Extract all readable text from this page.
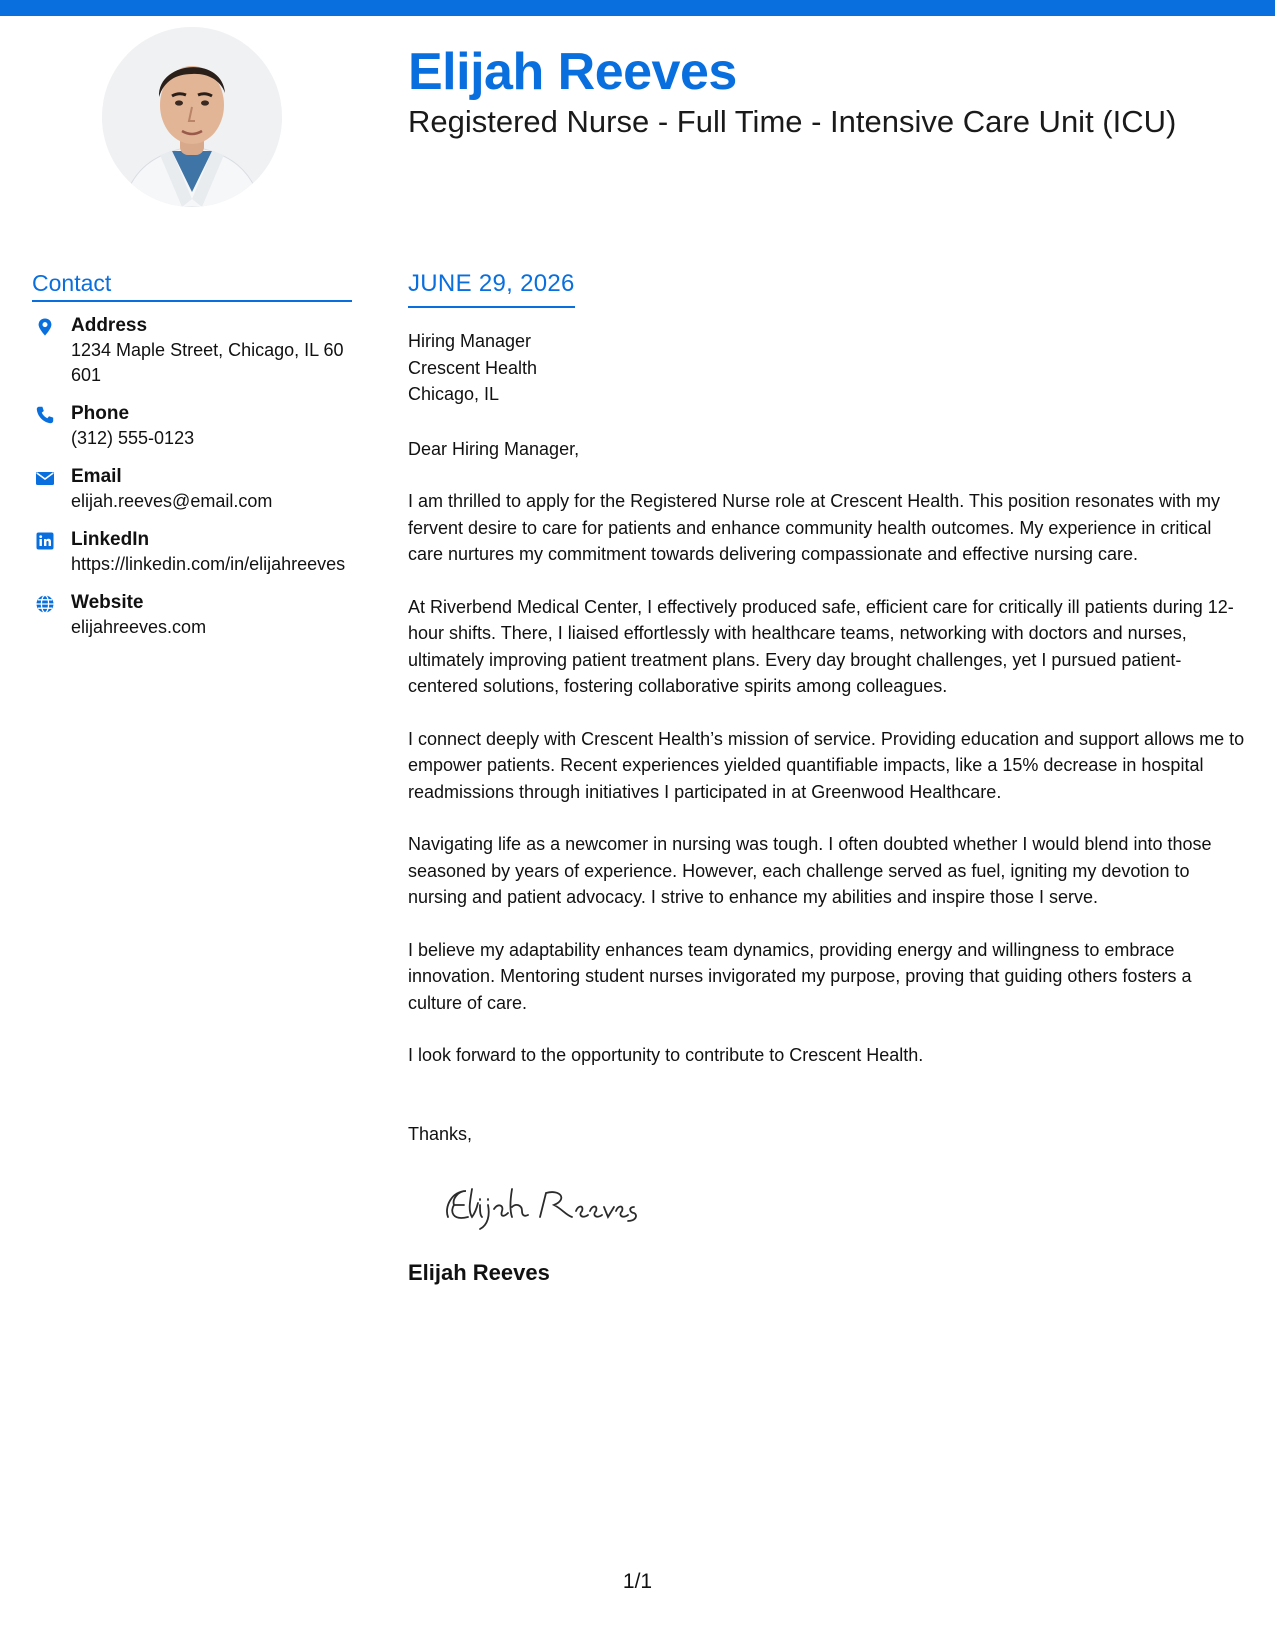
Elijah Reeves
Registered Nurse - Full Time - Intensive Care Unit (ICU)
Contact
Address
1234 Maple Street, Chicago, IL 60601
Phone
(312) 555-0123
Email
elijah.reeves@email.com
LinkedIn
https://linkedin.com/in/elijahreeves
Website
elijahreeves.com
JUNE 29, 2026
Hiring Manager
Crescent Health
Chicago, IL
Dear Hiring Manager,

I am thrilled to apply for the Registered Nurse role at Crescent Health. This position resonates with my fervent desire to care for patients and enhance community health outcomes. My experience in critical care nurtures my commitment towards delivering compassionate and effective nursing care.

At Riverbend Medical Center, I effectively produced safe, efficient care for critically ill patients during 12-hour shifts. There, I liaised effortlessly with healthcare teams, networking with doctors and nurses, ultimately improving patient treatment plans. Every day brought challenges, yet I pursued patient-centered solutions, fostering collaborative spirits among colleagues.

I connect deeply with Crescent Health’s mission of service. Providing education and support allows me to empower patients. Recent experiences yielded quantifiable impacts, like a 15% decrease in hospital readmissions through initiatives I participated in at Greenwood Healthcare.

Navigating life as a newcomer in nursing was tough. I often doubted whether I would blend into those seasoned by years of experience. However, each challenge served as fuel, igniting my devotion to nursing and patient advocacy. I strive to enhance my abilities and inspire those I serve.

I believe my adaptability enhances team dynamics, providing energy and willingness to embrace innovation. Mentoring student nurses invigorated my purpose, proving that guiding others fosters a culture of care.

I look forward to the opportunity to contribute to Crescent Health.

Thanks,
Elijah Reeves
1/1
